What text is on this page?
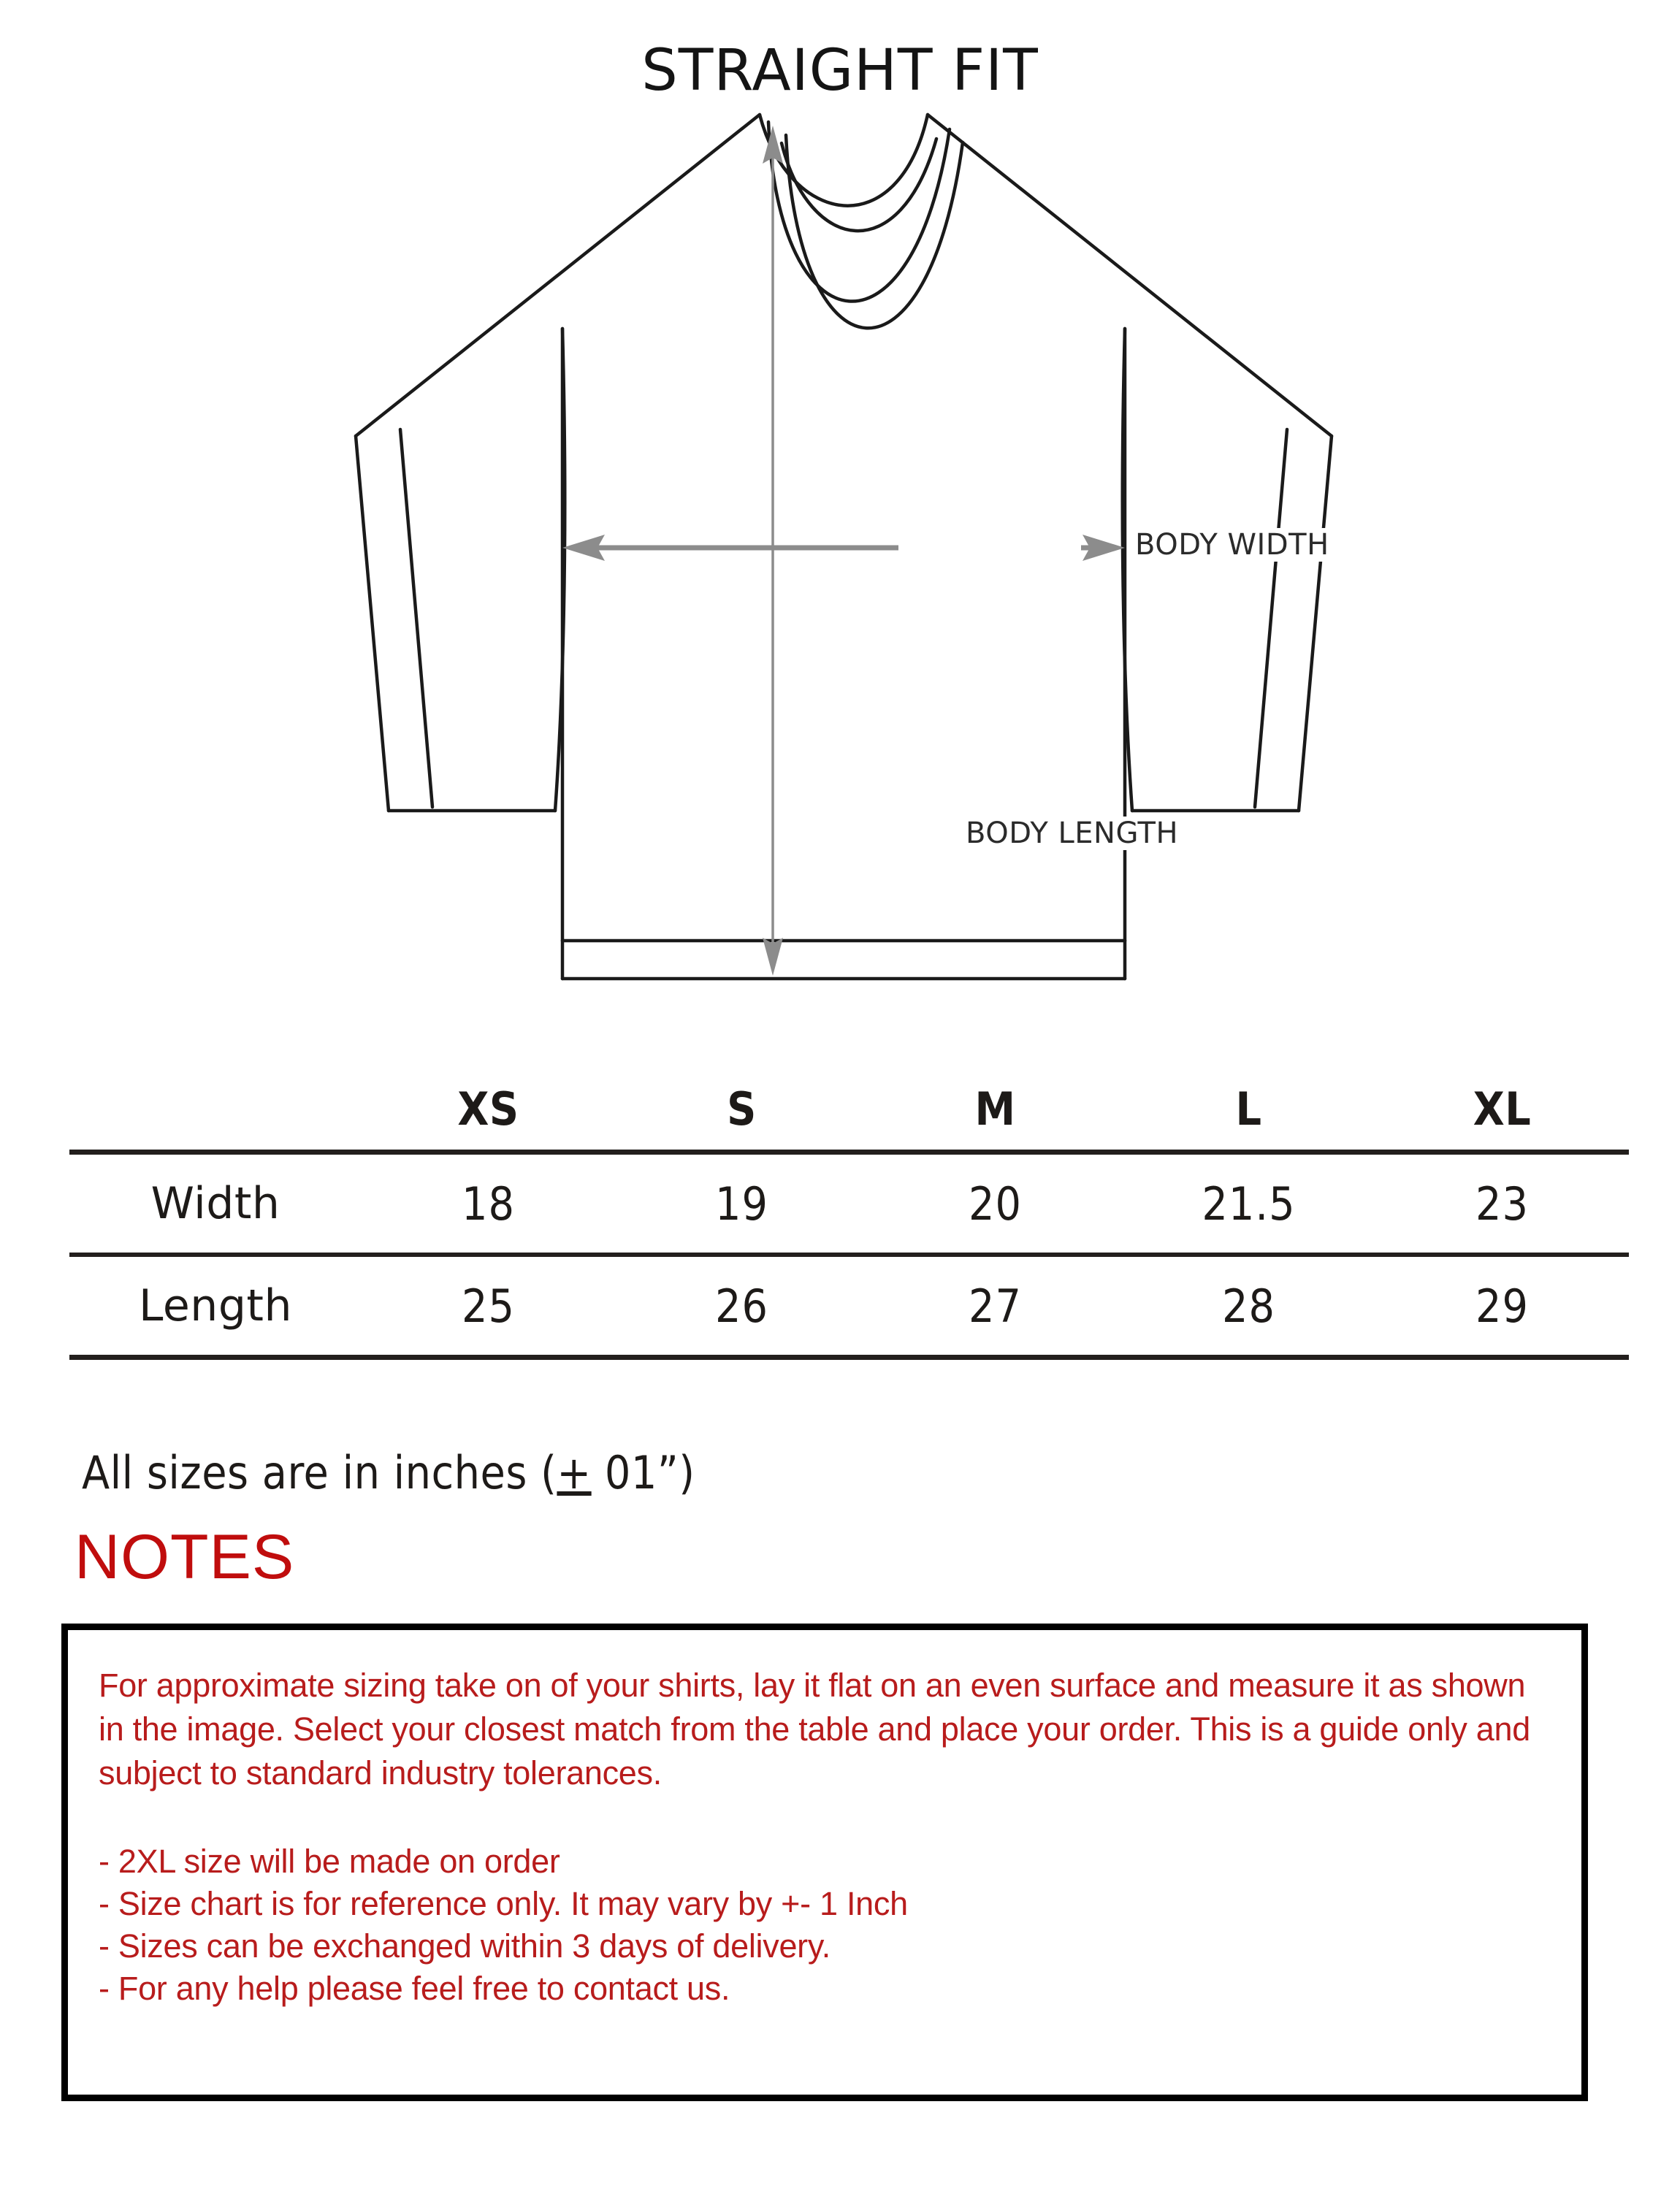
STRAIGHT FIT
BODY WIDTH
BODY LENGTH
	XS	S	M	L	XL
Width	18	19	20	21.5	23
Length	25	26	27	28	29

All sizes are in inches (+ 01”)
NOTES

For approximate sizing take on of your shirts, lay it flat on an even surface and measure it as shown in the image. Select your closest match from the table and place your order. This is a guide only and subject to standard industry tolerances.

- 2XL size will be made on order
- Size chart is for reference only. It may vary by +- 1 Inch
- Sizes can be exchanged within 3 days of delivery.
- For any help please feel free to contact us.
